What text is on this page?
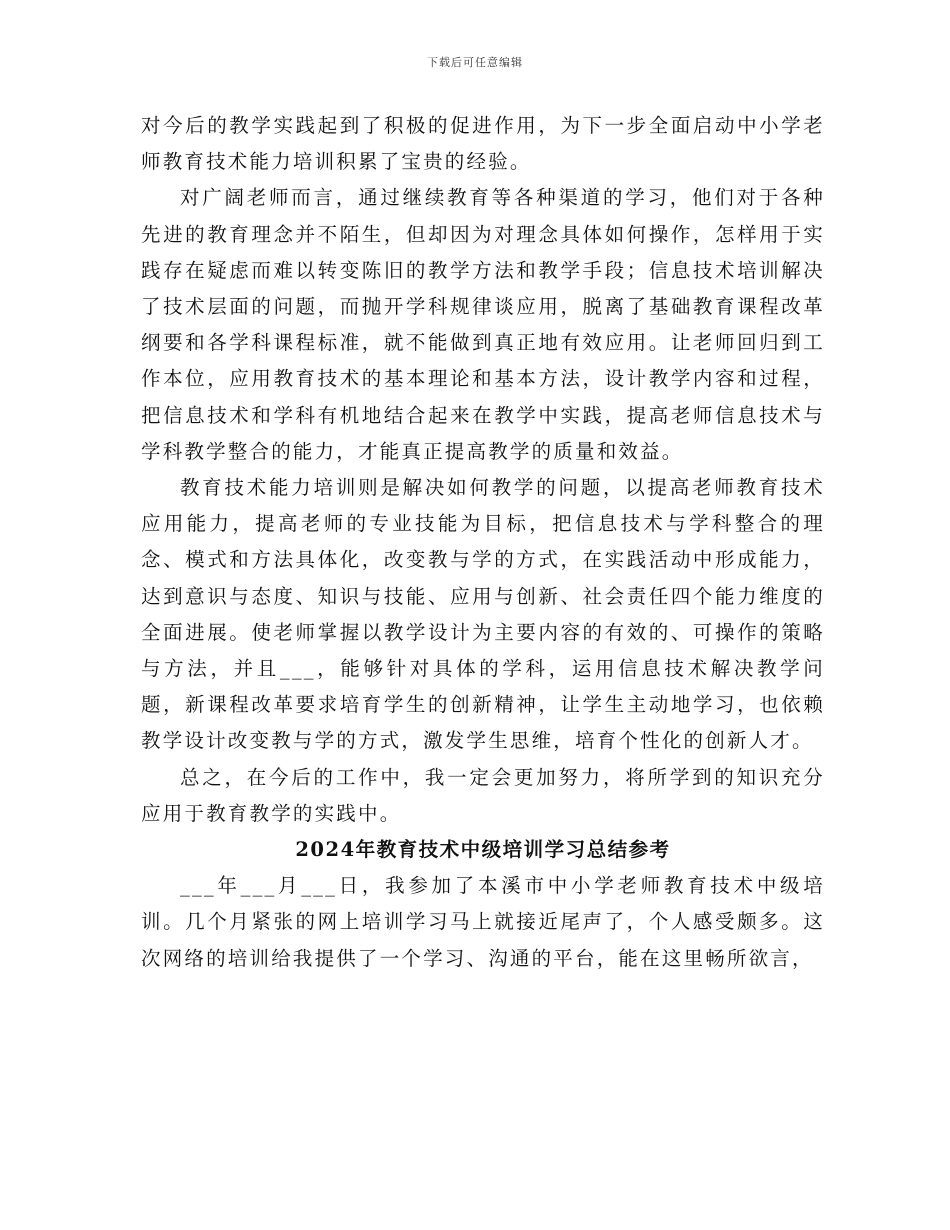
下载后可任意编辑

对今后的教学实践起到了积极的促进作用，为下一步全面启动中小学老师教育技术能力培训积累了宝贵的经验。

对广阔老师而言，通过继续教育等各种渠道的学习，他们对于各种先进的教育理念并不陌生，但却因为对理念具体如何操作，怎样用于实践存在疑虑而难以转变陈旧的教学方法和教学手段；信息技术培训解决了技术层面的问题，而抛开学科规律谈应用，脱离了基础教育课程改革纲要和各学科课程标准，就不能做到真正地有效应用。让老师回归到工作本位，应用教育技术的基本理论和基本方法，设计教学内容和过程，把信息技术和学科有机地结合起来在教学中实践，提高老师信息技术与学科教学整合的能力，才能真正提高教学的质量和效益。

教育技术能力培训则是解决如何教学的问题，以提高老师教育技术应用能力，提高老师的专业技能为目标，把信息技术与学科整合的理念、模式和方法具体化，改变教与学的方式，在实践活动中形成能力，达到意识与态度、知识与技能、应用与创新、社会责任四个能力维度的全面进展。使老师掌握以教学设计为主要内容的有效的、可操作的策略与方法，并且___，能够针对具体的学科，运用信息技术解决教学问题，新课程改革要求培育学生的创新精神，让学生主动地学习，也依赖教学设计改变教与学的方式，激发学生思维，培育个性化的创新人才。

总之，在今后的工作中，我一定会更加努力，将所学到的知识充分应用于教育教学的实践中。

2024年教育技术中级培训学习总结参考

___年___月___日，我参加了本溪市中小学老师教育技术中级培训。几个月紧张的网上培训学习马上就接近尾声了，个人感受颇多。这次网络的培训给我提供了一个学习、沟通的平台，能在这里畅所欲言，
